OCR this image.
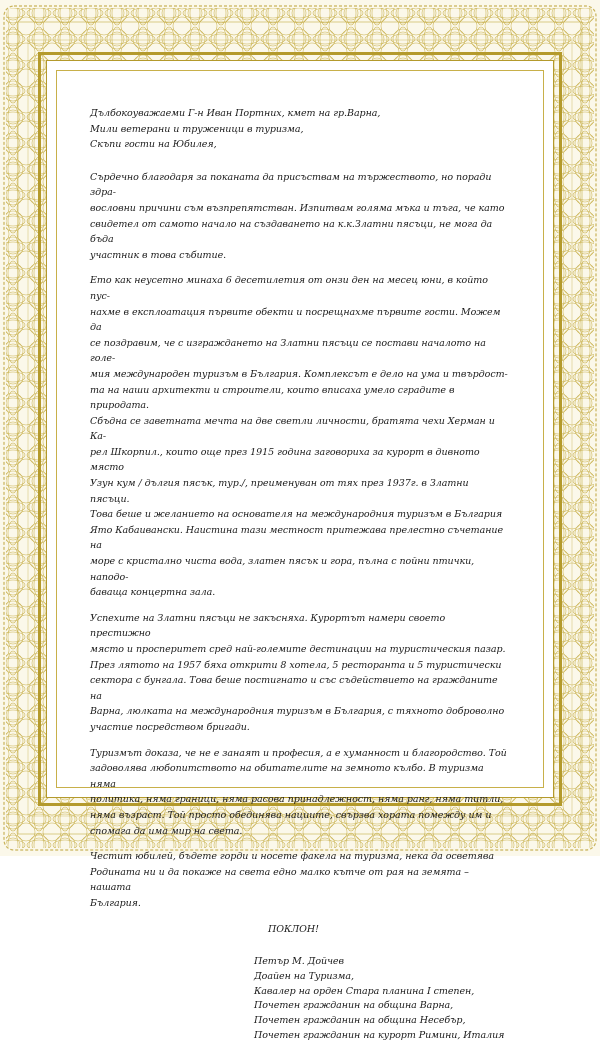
Дълбокоуважаеми Г-н Иван Портних, кмет на гр.Варна,
Мили ветерани и труженици в туризма,
Скъпи гости на Юбилея,

Сърдечно благодаря за поканата да присъствам на тържеството, но поради здра-
вословни причини съм възпрепятстван. Изпитвам голяма мъка и тъга, че като
свидетел от самото начало на създаването на к.к.Златни пясъци, не мога да бъда
участник в това събитие.

Ето как неусетно минаха 6 десетилетия от онзи ден на месец юни, в който пус-
нахме в експлоатация първите обекти и посрещнахме първите гости. Можем да
се поздравим, че с изграждането на Златни пясъци се постави началото на голе-
мия международен туризъм в България. Комплексът е дело на ума и твърдост-
та на наши архитекти и строители, които вписаха умело сградите в природата.
Сбъдна се заветната мечта на две светли личности, братята чехи Херман и Ка-
рел Шкорпил., които още през 1915 година заговориха за курорт в дивното място
Узун кум / дългия пясък, тур./, преименуван от тях през 1937г. в Златни пясъци.
Това беше и желанието на основателя на международния туризъм в България
Ято Кабаивански. Наистина тази местност притежава прелестно съчетание на
море с кристално чиста вода, златен пясък и гора, пълна с пойни птички, наподо-
баваща концертна зала.

Успехите на Златни пясъци не закъсняха. Курортът намери своето престижно
място и просперитет сред най-големите дестинации на туристическия пазар.
През лятото на 1957 бяха открити 8 хотела, 5 ресторанта и 5 туристически
сектора с бунгала. Това беше постигнато и със съдействието на гражданите на
Варна, люлката на международния туризъм в България, с тяхното доброволно
участие посредством бригади.

Туризмът доказа, че не е занаят и професия, а е хуманност и благородство. Той
задоволява любопитството на обитателите на земното кълбо. В туризма няма
политика, няма граници, няма расова принадлежност, няма ранг, няма титли,
няма възраст. Той просто обединява нациите, свързва хората помежду им и
спомага да има мир на света.

Честит юбилей, бъдете горди и носете факела на туризма, нека да осветява
Родината ни и да покаже на света едно малко кътче от рая на земята – нашата
България.

ПОКЛОН!

Петър М. Дойчев
Доайен на Туризма,
Кавалер на орден Стара планина I степен,
Почетен гражданин на община Варна,
Почетен гражданин на община Несебър,
Почетен гражданин на курорт Римини, Италия
